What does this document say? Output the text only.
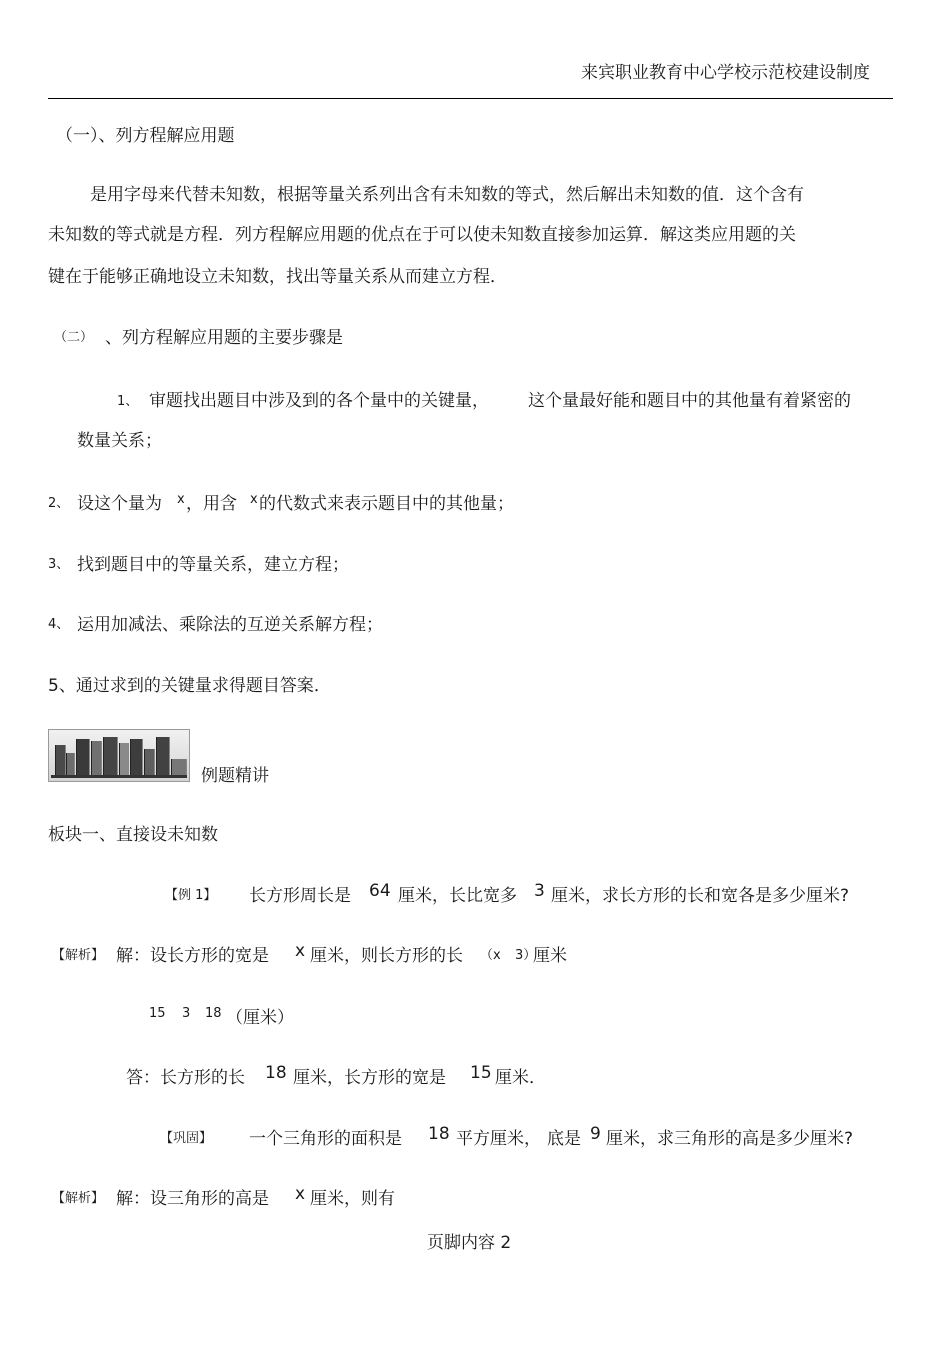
来宾职业教育中心学校示范校建设制度
（一）、列方程解应用题
是用字母来代替未知数，根据等量关系列出含有未知数的等式，然后解出未知数的值．这个含有
未知数的等式就是方程．列方程解应用题的优点在于可以使未知数直接参加运算．解这类应用题的关
键在于能够正确地设立未知数，找出等量关系从而建立方程．
（二） 、列方程解应用题的主要步骤是
1、 审题找出题目中涉及到的各个量中的关键量， 这个量最好能和题目中的其他量有着紧密的
数量关系；
2、 设这个量为 x ，用含 x 的代数式来表示题目中的其他量；
3、 找到题目中的等量关系，建立方程；
4、 运用加减法、乘除法的互逆关系解方程；
5、通过求到的关键量求得题目答案．
例题精讲
板块一、直接设未知数
【例 1】 长方形周长是 64 厘米，长比宽多 3 厘米，求长方形的长和宽各是多少厘米?
【解析】 解：设长方形的宽是 x 厘米，则长方形的长 （x 3）
厘米
15 3 18 （厘米）
答：长方形的长 18 厘米，长方形的宽是 15 厘米．
【巩固】 一个三角形的面积是 18 平方厘米， 底是 9 厘米，求三角形的高是多少厘米?
【解析】 解：设三角形的高是 x 厘米，则有
页脚内容 2
